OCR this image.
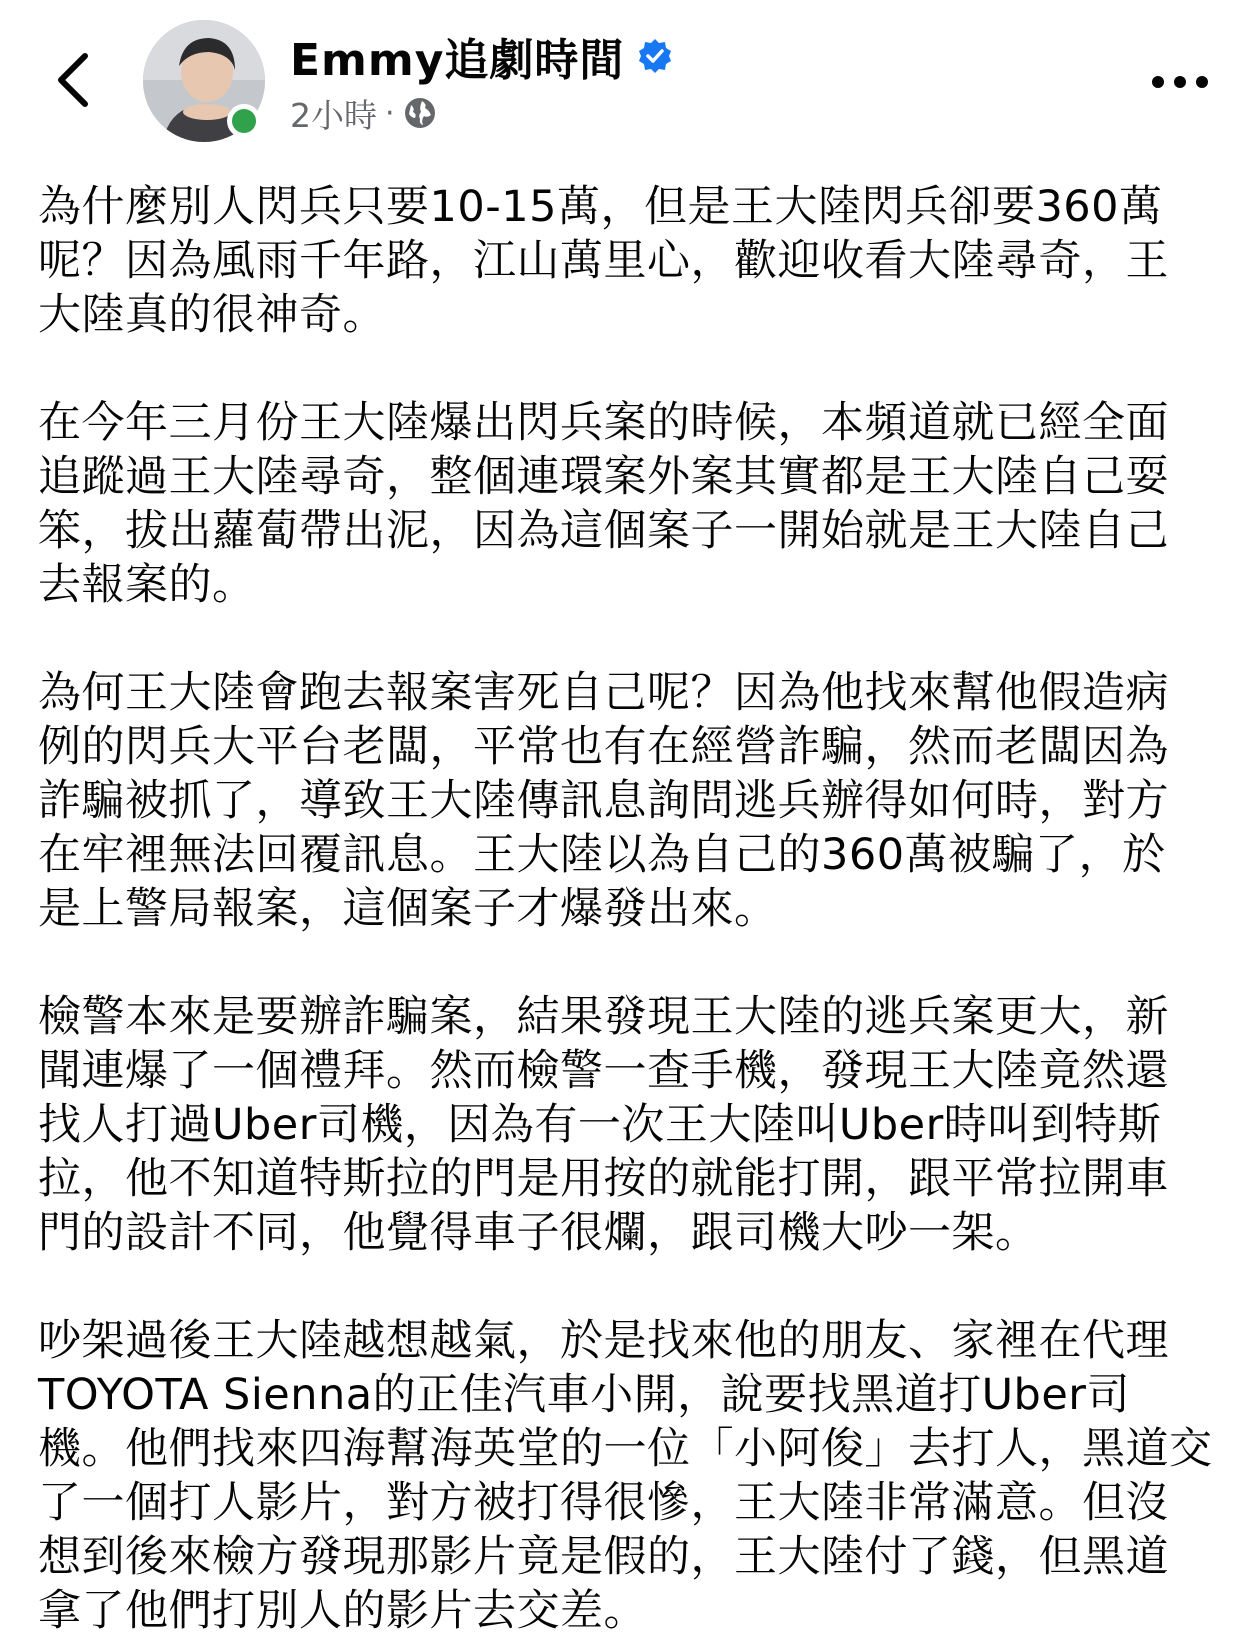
Emmy追劇時間
2小時 ·

為什麼別人閃兵只要10-15萬，但是王大陸閃兵卻要360萬
呢？因為風雨千年路，江山萬里心，歡迎收看大陸尋奇，王
大陸真的很神奇。

在今年三月份王大陸爆出閃兵案的時候，本頻道就已經全面
追蹤過王大陸尋奇，整個連環案外案其實都是王大陸自己耍
笨，拔出蘿蔔帶出泥，因為這個案子一開始就是王大陸自己
去報案的。

為何王大陸會跑去報案害死自己呢？因為他找來幫他假造病
例的閃兵大平台老闆，平常也有在經營詐騙，然而老闆因為
詐騙被抓了，導致王大陸傳訊息詢問逃兵辦得如何時，對方
在牢裡無法回覆訊息。王大陸以為自己的360萬被騙了，於
是上警局報案，這個案子才爆發出來。

檢警本來是要辦詐騙案，結果發現王大陸的逃兵案更大，新
聞連爆了一個禮拜。然而檢警一查手機，發現王大陸竟然還
找人打過Uber司機，因為有一次王大陸叫Uber時叫到特斯
拉，他不知道特斯拉的門是用按的就能打開，跟平常拉開車
門的設計不同，他覺得車子很爛，跟司機大吵一架。

吵架過後王大陸越想越氣，於是找來他的朋友、家裡在代理
TOYOTA Sienna的正佳汽車小開，說要找黑道打Uber司
機。他們找來四海幫海英堂的一位「小阿俊」去打人，黑道交
了一個打人影片，對方被打得很慘，王大陸非常滿意。但沒
想到後來檢方發現那影片竟是假的，王大陸付了錢，但黑道
拿了他們打別人的影片去交差。
